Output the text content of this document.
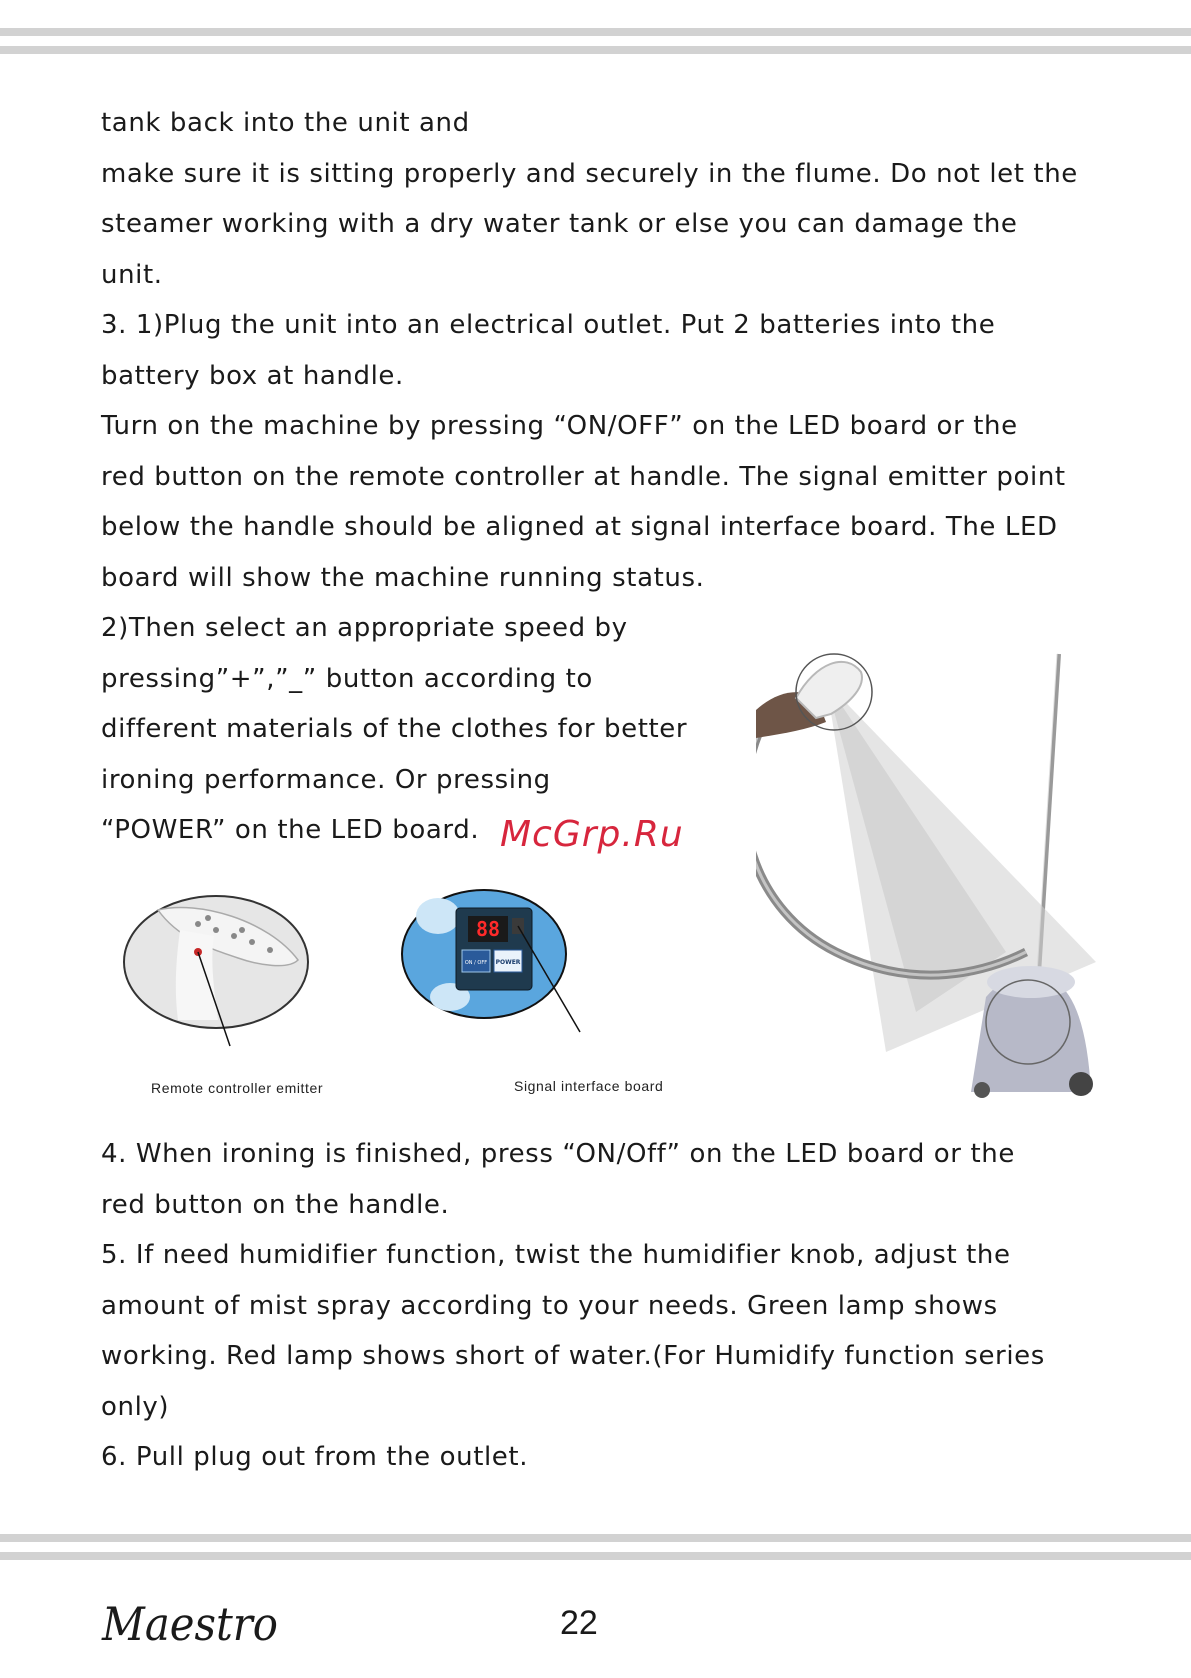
tank back into the unit and
make sure it is sitting properly and securely in the flume. Do not let the
steamer working with a dry water tank or else you can damage the
unit.
3. 1)Plug the unit into an electrical outlet. Put 2 batteries into the
battery box at handle.
Turn on the machine by pressing “ON/OFF” on the LED board or the
red button on the remote controller at handle. The signal emitter point
below the handle should be aligned at signal interface board. The LED
board will show the machine running status.
2)Then select an appropriate speed by
pressing”+”,”_” button according to
different materials of the clothes for better
ironing performance. Or pressing
“POWER” on the LED board. McGrp.Ru
Remote controller emitter
88
ON / OFF POWER
Signal interface board

4. When ironing is finished, press “ON/Off” on the LED board or the
red button on the handle.
5. If need humidifier function, twist the humidifier knob, adjust the
amount of mist spray according to your needs. Green lamp shows
working. Red lamp shows short of water.(For Humidify function series
only)
6. Pull plug out from the outlet.

Maestro	22
